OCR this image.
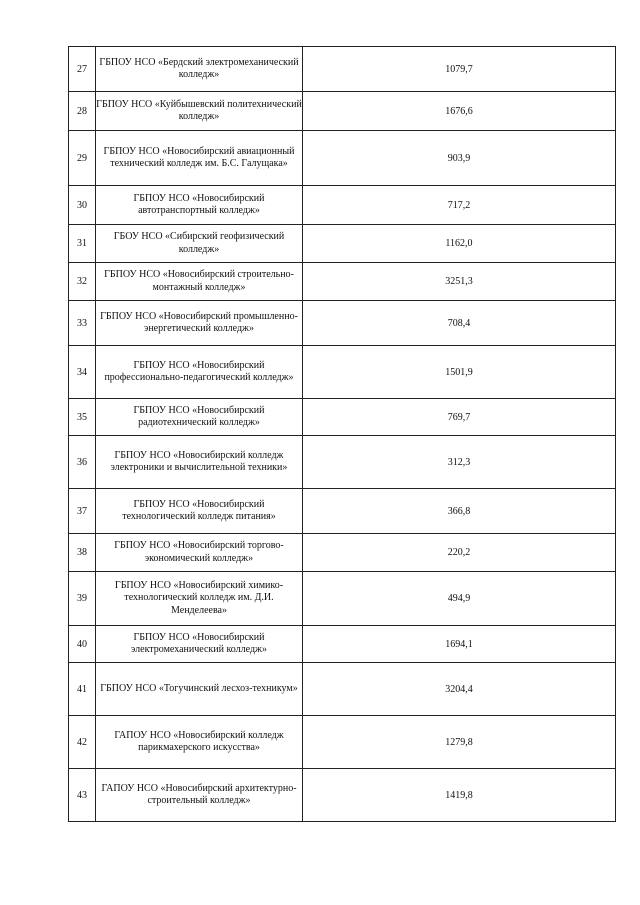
27	ГБПОУ НСО «Бердский электромеханический колледж»	1079,7
28	ГБПОУ НСО «Куйбышевский политехнический колледж»	1676,6
29	ГБПОУ НСО «Новосибирский авиационный технический колледж им. Б.С. Галущака»	903,9
30	ГБПОУ НСО «Новосибирский автотранспортный колледж»	717,2
31	ГБОУ НСО «Сибирский геофизический колледж»	1162,0
32	ГБПОУ НСО «Новосибирский строительно-монтажный колледж»	3251,3
33	ГБПОУ НСО «Новосибирский промышленно-энергетический колледж»	708,4
34	ГБПОУ НСО «Новосибирский профессионально-педагогический колледж»	1501,9
35	ГБПОУ НСО «Новосибирский радиотехнический колледж»	769,7
36	ГБПОУ НСО «Новосибирский колледж электроники и вычислительной техники»	312,3
37	ГБПОУ НСО «Новосибирский технологический колледж питания»	366,8
38	ГБПОУ НСО «Новосибирский торгово-экономический колледж»	220,2
39	ГБПОУ НСО «Новосибирский химико-технологический колледж им. Д.И. Менделеева»	494,9
40	ГБПОУ НСО «Новосибирский электромеханический колледж»	1694,1
41	ГБПОУ НСО «Тогучинский лесхоз-техникум»	3204,4
42	ГАПОУ НСО «Новосибирский колледж парикмахерского искусства»	1279,8
43	ГАПОУ НСО «Новосибирский архитектурно-строительный колледж»	1419,8
